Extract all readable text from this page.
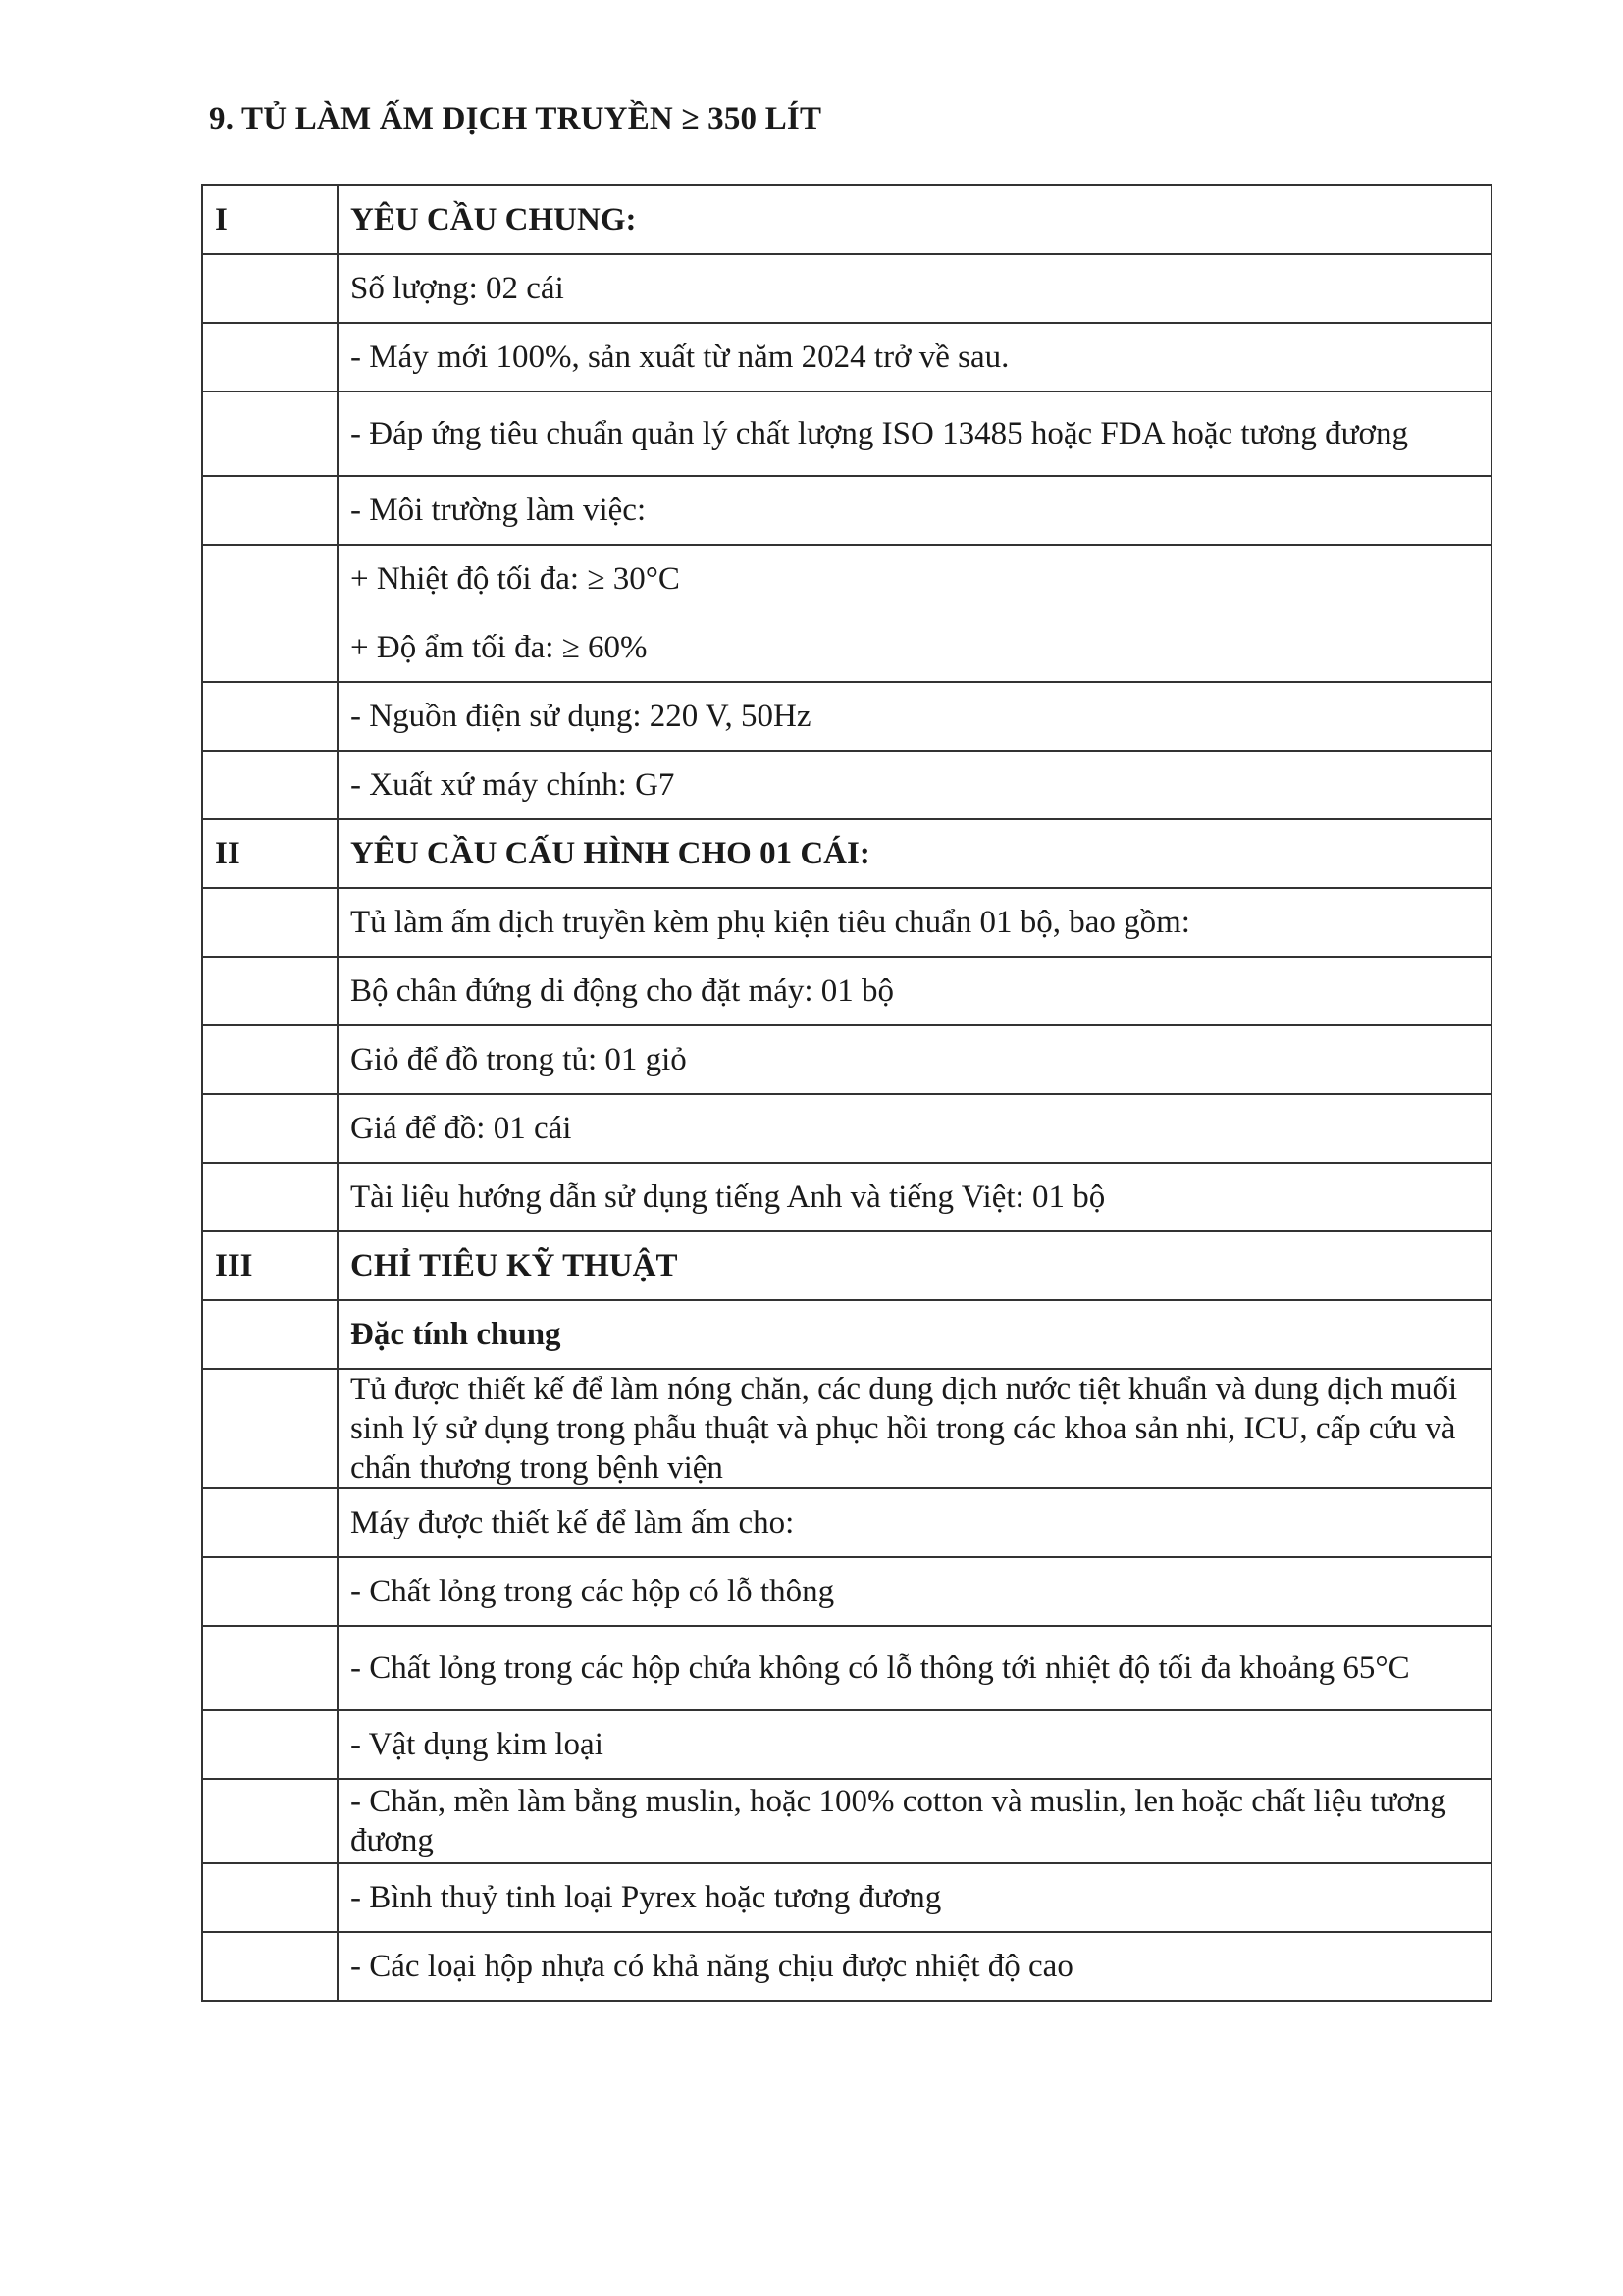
9. TỦ LÀM ẤM DỊCH TRUYỀN ≥ 350 LÍT
I	YÊU CẦU CHUNG:
	Số lượng: 02 cái
	- Máy mới 100%, sản xuất từ năm 2024 trở về sau.
	- Đáp ứng tiêu chuẩn quản lý chất lượng ISO 13485 hoặc FDA hoặc tương đương
	- Môi trường làm việc:

	+ Nhiệt độ tối đa: ≥ 30°C
+ Độ ẩm tối đa: ≥ 60%

	- Nguồn điện sử dụng: 220 V, 50Hz
	- Xuất xứ máy chính: G7
II	YÊU CẦU CẤU HÌNH CHO 01 CÁI:
	Tủ làm ấm dịch truyền kèm phụ kiện tiêu chuẩn 01 bộ, bao gồm:
	Bộ chân đứng di động cho đặt máy: 01 bộ
	Giỏ để đồ trong tủ: 01 giỏ
	Giá để đồ: 01 cái
	Tài liệu hướng dẫn sử dụng tiếng Anh và tiếng Việt: 01 bộ
III	CHỈ TIÊU KỸ THUẬT
	Đặc tính chung
	Tủ được thiết kế để làm nóng chăn, các dung dịch nước tiệt khuẩn và dung dịch muối sinh lý sử dụng trong phẫu thuật và phục hồi trong các khoa sản nhi, ICU, cấp cứu và chấn thương trong bệnh viện
	Máy được thiết kế để làm ấm cho:
	- Chất lỏng trong các hộp có lỗ thông
	- Chất lỏng trong các hộp chứa không có lỗ thông tới nhiệt độ tối đa khoảng 65°C
	- Vật dụng kim loại
	- Chăn, mền làm bằng muslin, hoặc 100% cotton và muslin, len hoặc chất liệu tương đương
	- Bình thuỷ tinh loại Pyrex hoặc tương đương
	- Các loại hộp nhựa có khả năng chịu được nhiệt độ cao
